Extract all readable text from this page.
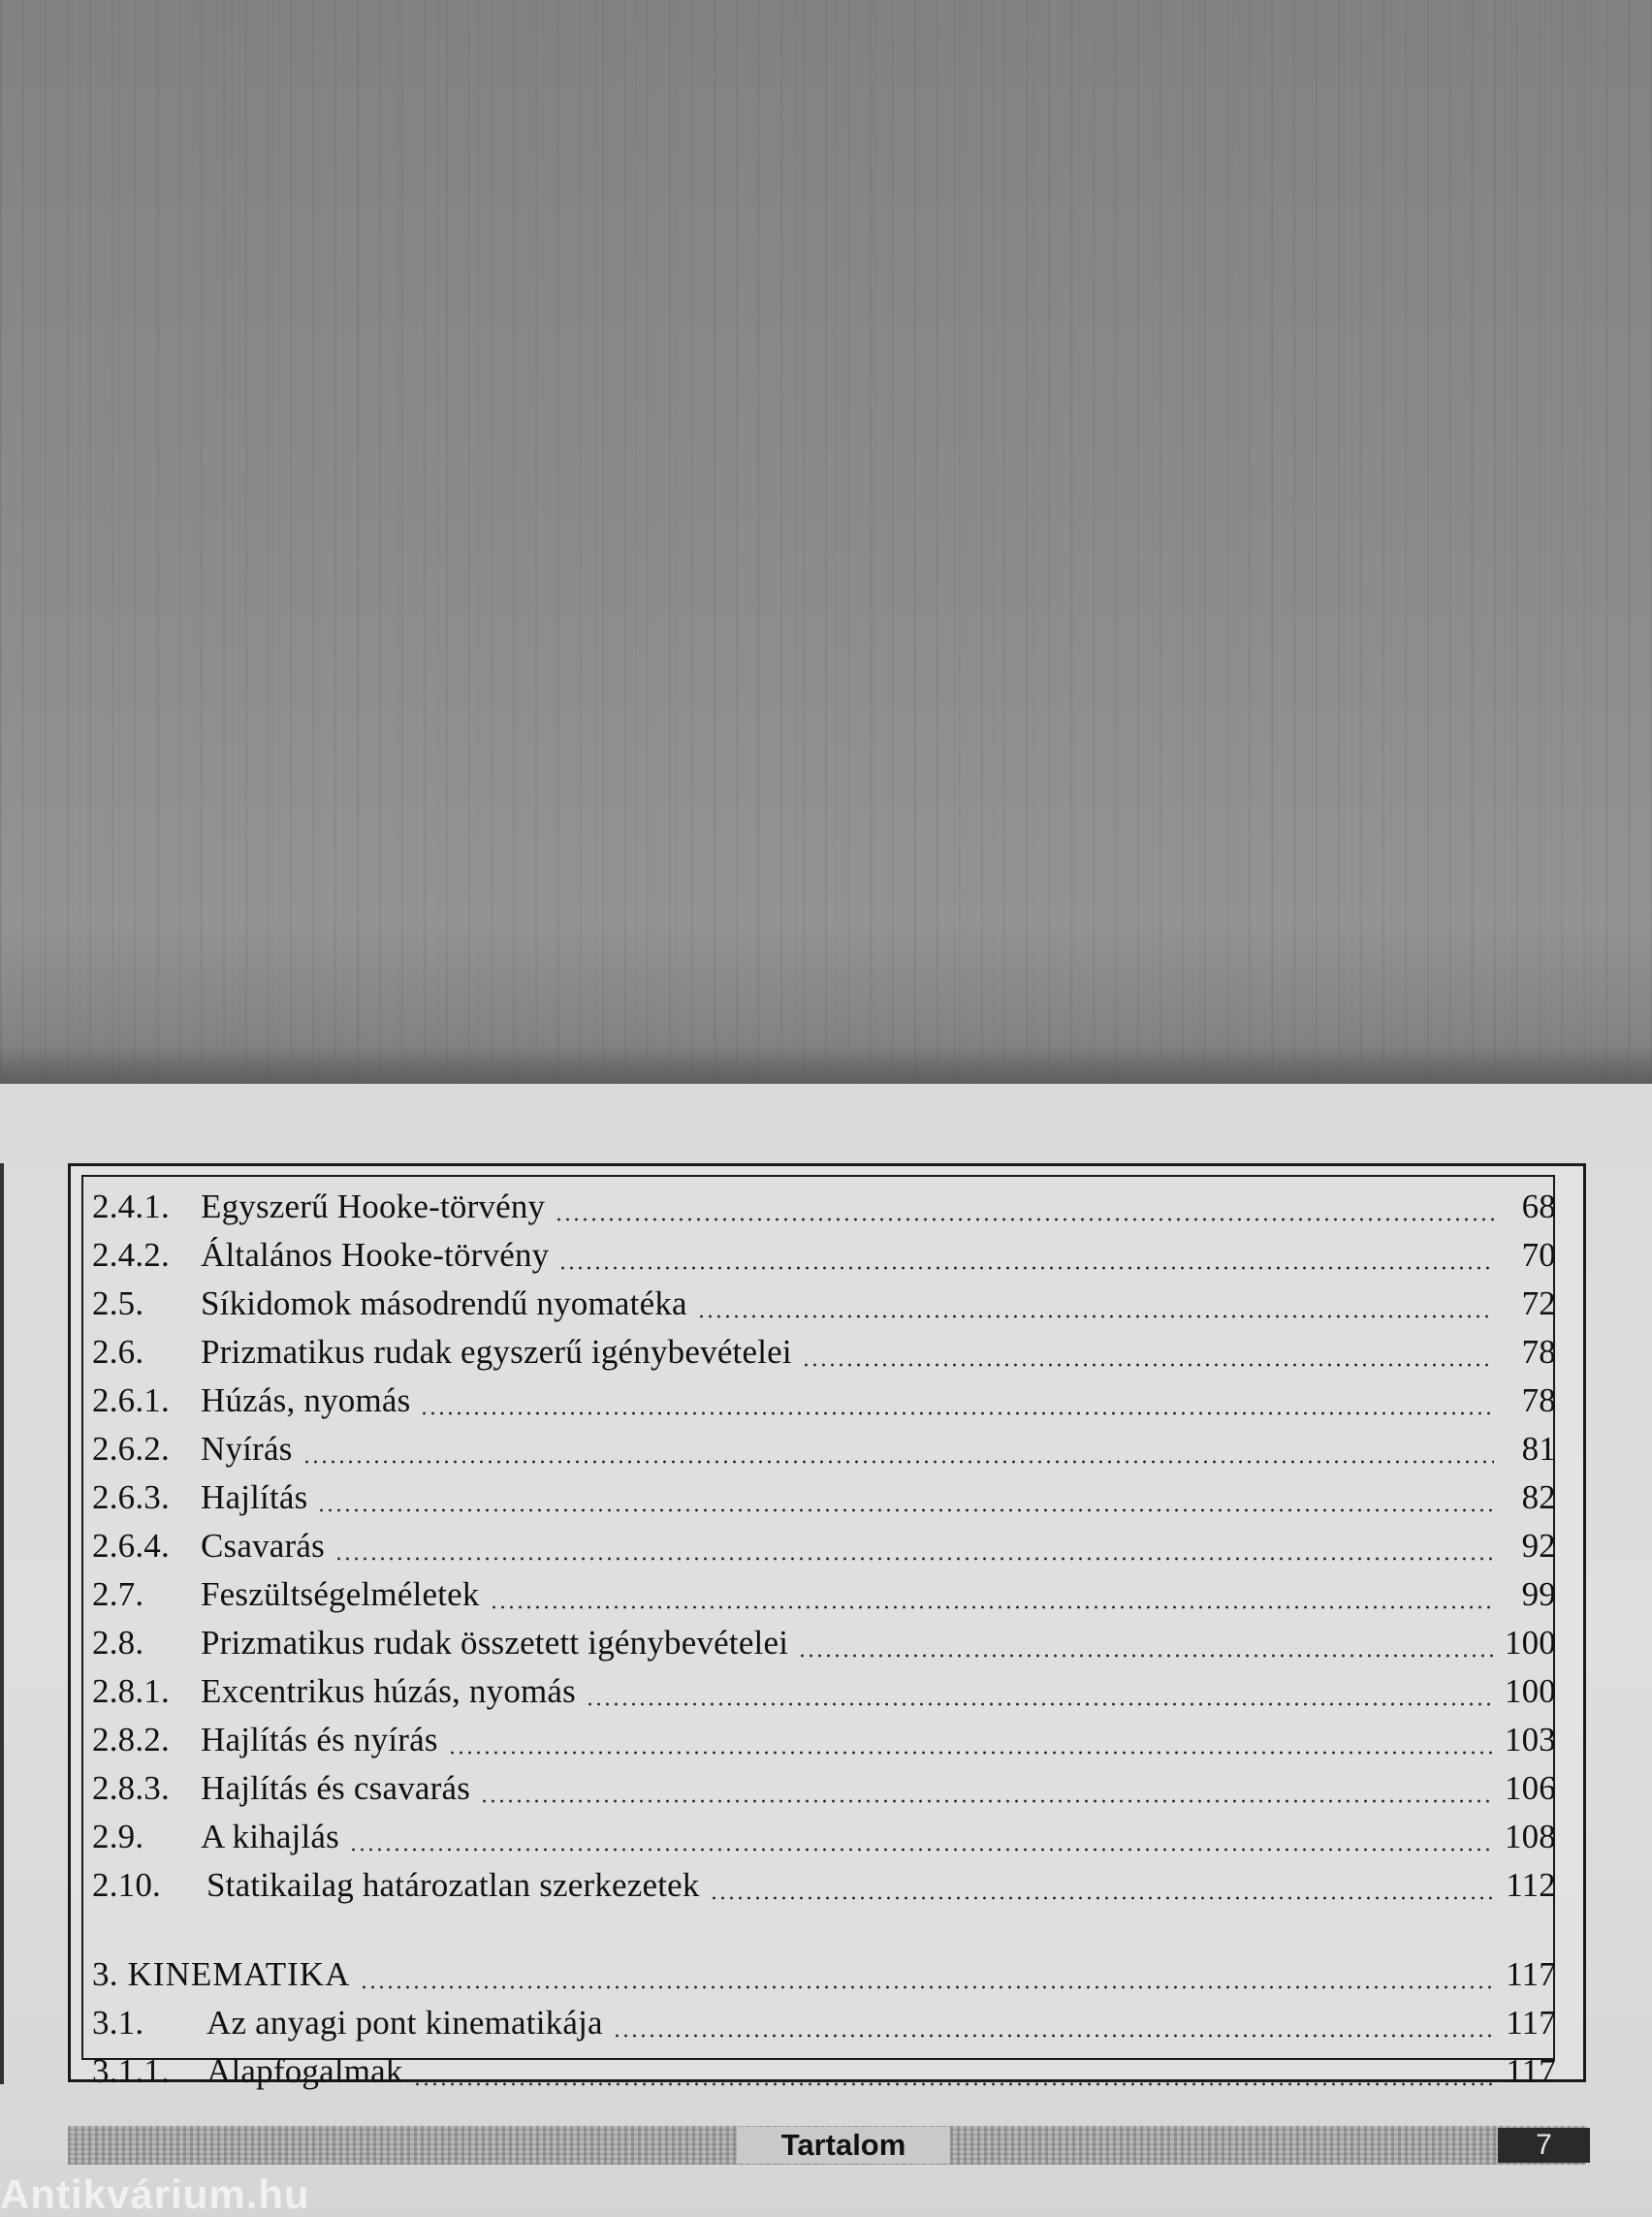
2.4.1. Egyszerű Hooke-törvény	68
2.4.2. Általános Hooke-törvény	70
2.5.	Síkidomok másodrendű nyomatéka	72
2.6.	Prizmatikus rudak egyszerű igénybevételei	78
2.6.1. Húzás, nyomás	78
2.6.2. Nyírás	81
2.6.3. Hajlítás	82
2.6.4. Csavarás	92
2.7.	Feszültségelméletek	99
2.8.	Prizmatikus rudak összetett igénybevételei	100
2.8.1. Excentrikus húzás, nyomás	100
2.8.2. Hajlítás és nyírás	103
2.8.3. Hajlítás és csavarás	106
2.9.	A kihajlás	108
2.10.	Statikailag határozatlan szerkezetek	112
3. KINEMATIKA	117
3.1.	Az anyagi pont kinematikája	117
3.1.1.	Alapfogalmak	117
Tartalom	7
Antikvárium.hu
